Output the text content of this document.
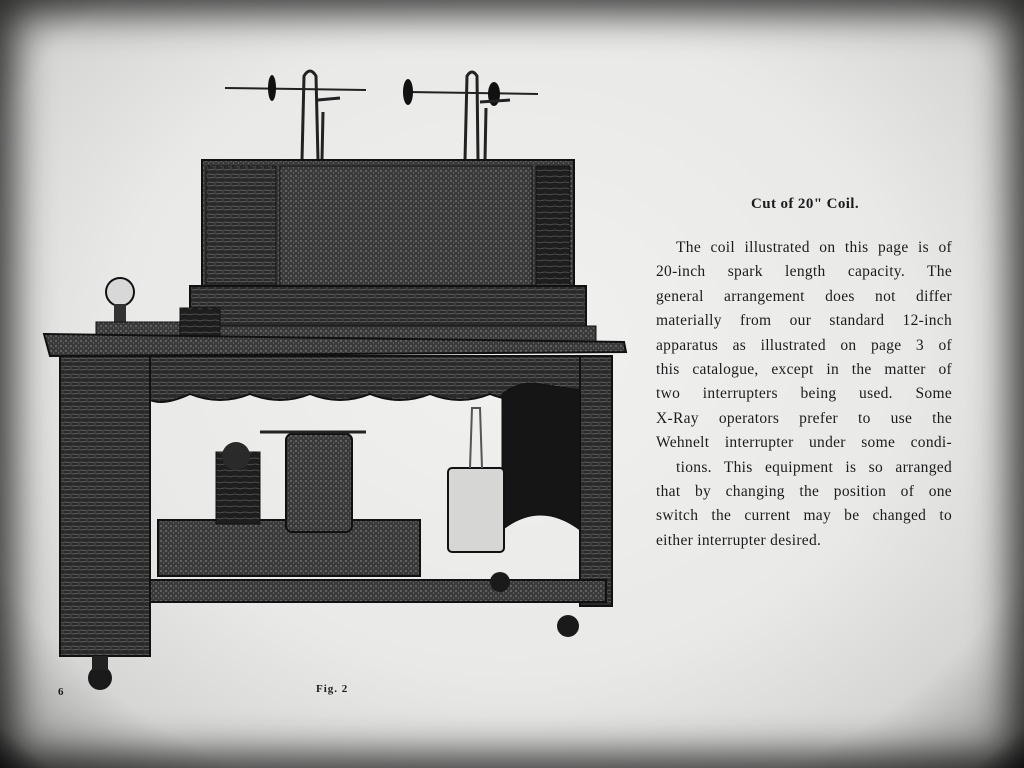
Cut of 20" Coil.
The coil illustrated on this page is of
20-inch spark length capacity. The
general arrangement does not differ
materially from our standard 12-inch
apparatus as illustrated on page 3 of
this catalogue, except in the matter of
two interrupters being used. Some
X-Ray operators prefer to use the
Wehnelt interrupter under some condi-
tions. This equipment is so arranged
that by changing the position of one
switch the current may be changed to
either interrupter desired.
6	Fig. 2
